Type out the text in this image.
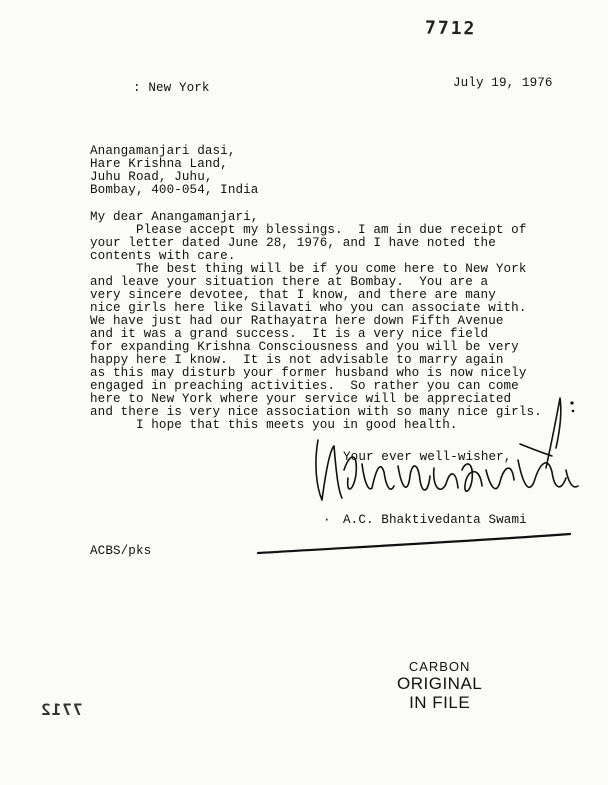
7712
: New York	July 19, 1976
Anangamanjari dasi,
Hare Krishna Land,
Juhu Road, Juhu,
Bombay, 400-054, India
My dear Anangamanjari,
Please accept my blessings.  I am in due receipt of
your letter dated June 28, 1976, and I have noted the
contents with care.
The best thing will be if you come here to New York
and leave your situation there at Bombay.  You are a
very sincere devotee, that I know, and there are many
nice girls here like Silavati who you can associate with.
We have just had our Rathayatra here down Fifth Avenue
and it was a grand success.  It is a very nice field
for expanding Krishna Consciousness and you will be very
happy here I know.  It is not advisable to marry again
as this may disturb your former husband who is now nicely
engaged in preaching activities.  So rather you can come
here to New York where your service will be appreciated
and there is very nice association with so many nice girls.
I hope that this meets you in good health.
Your ever well-wisher,
· A.C. Bhaktivedanta Swami
ACBS/pks
CARBON
ORIGINAL
IN FILE
7712
